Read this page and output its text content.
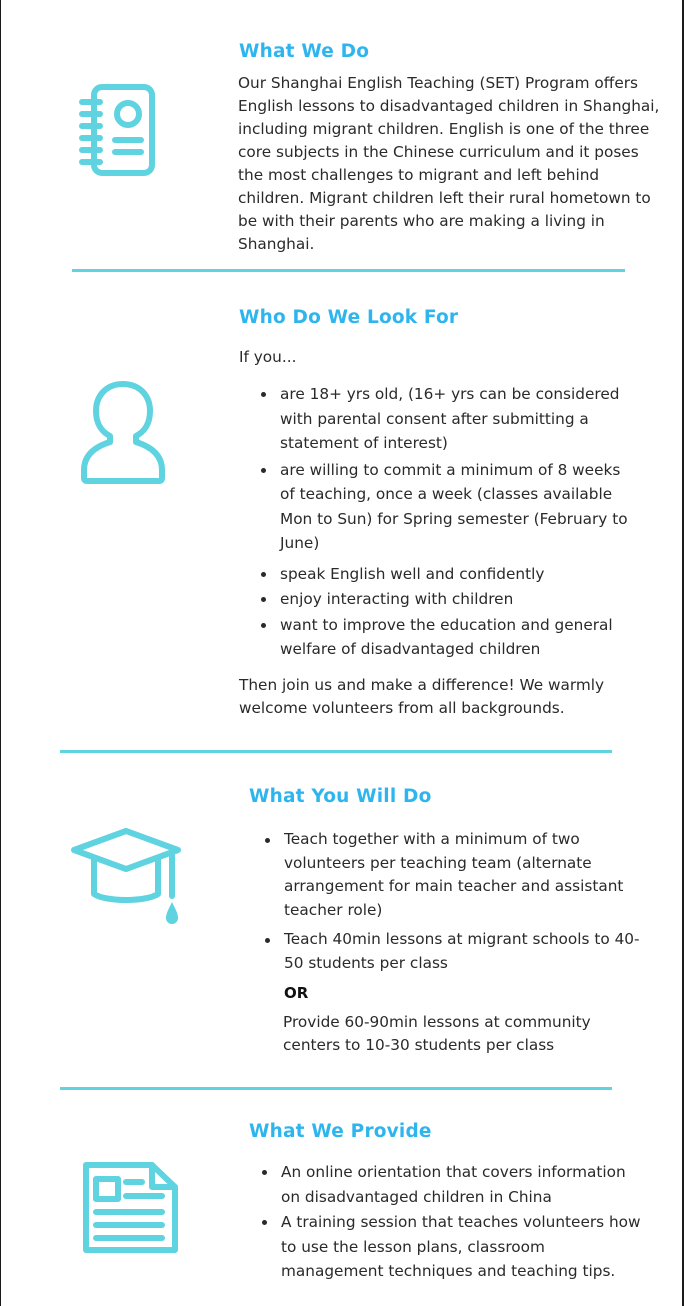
What We Do

Our Shanghai English Teaching (SET) Program offers English lessons to disadvantaged children in Shanghai, including migrant children. English is one of the three core subjects in the Chinese curriculum and it poses the most challenges to migrant and left behind children. Migrant children left their rural hometown to be with their parents who are making a living in Shanghai.

Who Do We Look For

If you...

are 18+ yrs old, (16+ yrs can be considered with parental consent after submitting a statement of interest)
are willing to commit a minimum of 8 weeks of teaching, once a week (classes available Mon to Sun) for Spring semester (February to June)
speak English well and confidently
enjoy interacting with children
want to improve the education and general welfare of disadvantaged children

Then join us and make a difference! We warmly welcome volunteers from all backgrounds.

What You Will Do
Teach together with a minimum of two volunteers per teaching team (alternate arrangement for main teacher and assistant teacher role)
Teach 40min lessons at migrant schools to 40-50 students per class
OR

Provide 60-90min lessons at community centers to 10-30 students per class

What We Provide
An online orientation that covers information on disadvantaged children in China
A training session that teaches volunteers how to use the lesson plans, classroom management techniques and teaching tips.
